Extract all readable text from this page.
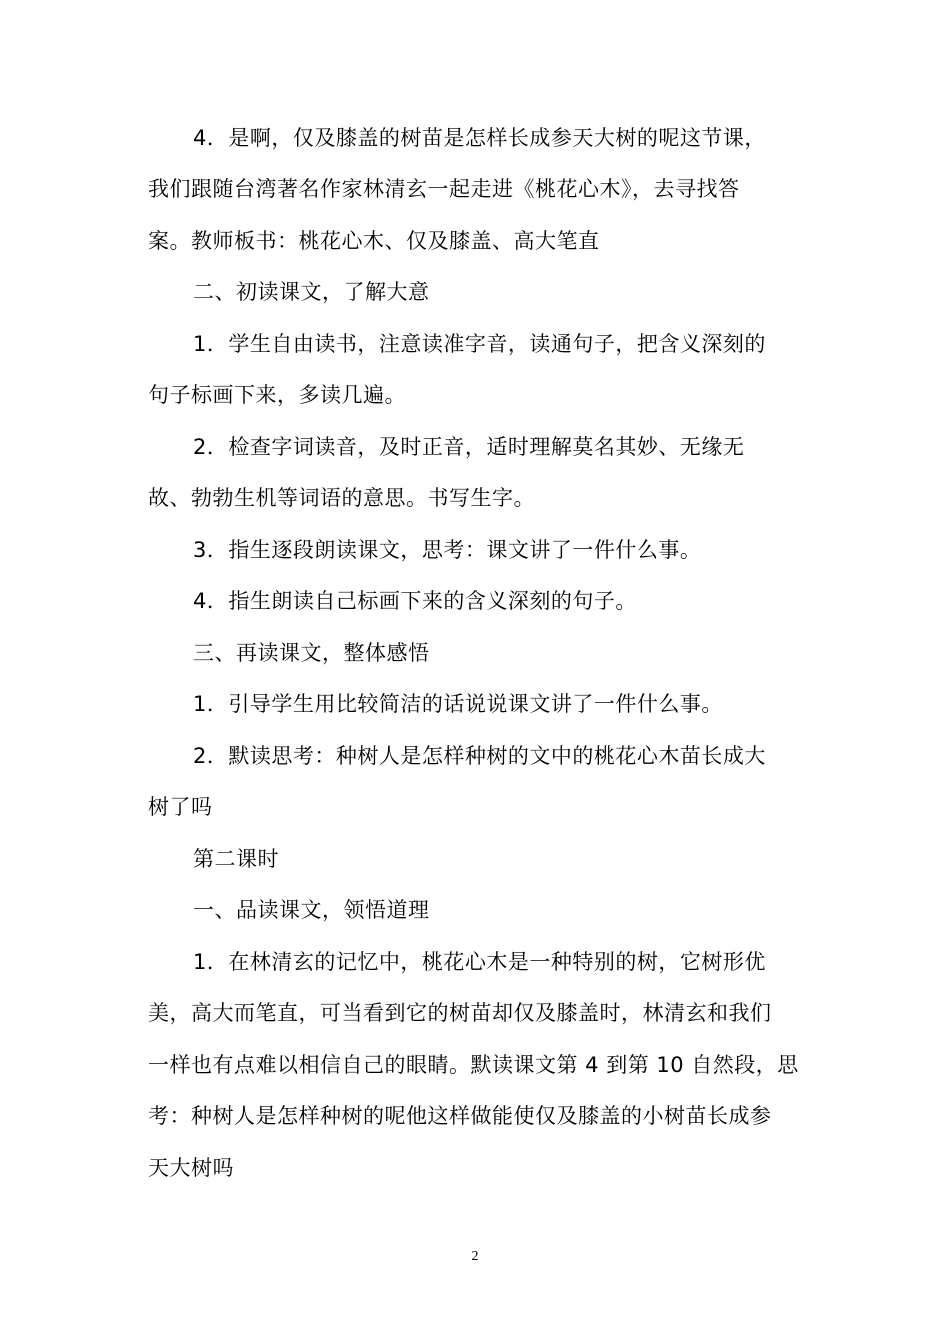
4．是啊，仅及膝盖的树苗是怎样长成参天大树的呢这节课，
我们跟随台湾著名作家林清玄一起走进《桃花心木》，去寻找答
案。教师板书：桃花心木、仅及膝盖、高大笔直
二、初读课文，了解大意
1．学生自由读书，注意读准字音，读通句子，把含义深刻的
句子标画下来，多读几遍。
2．检查字词读音，及时正音，适时理解莫名其妙、无缘无
故、勃勃生机等词语的意思。书写生字。
3．指生逐段朗读课文，思考：课文讲了一件什么事。
4．指生朗读自己标画下来的含义深刻的句子。
三、再读课文，整体感悟
1．引导学生用比较简洁的话说说课文讲了一件什么事。
2．默读思考：种树人是怎样种树的文中的桃花心木苗长成大
树了吗
第二课时
一、品读课文，领悟道理
1．在林清玄的记忆中，桃花心木是一种特别的树，它树形优
美，高大而笔直，可当看到它的树苗却仅及膝盖时，林清玄和我们
一样也有点难以相信自己的眼睛。默读课文第 4 到第 10 自然段，思
考：种树人是怎样种树的呢他这样做能使仅及膝盖的小树苗长成参
天大树吗
2
